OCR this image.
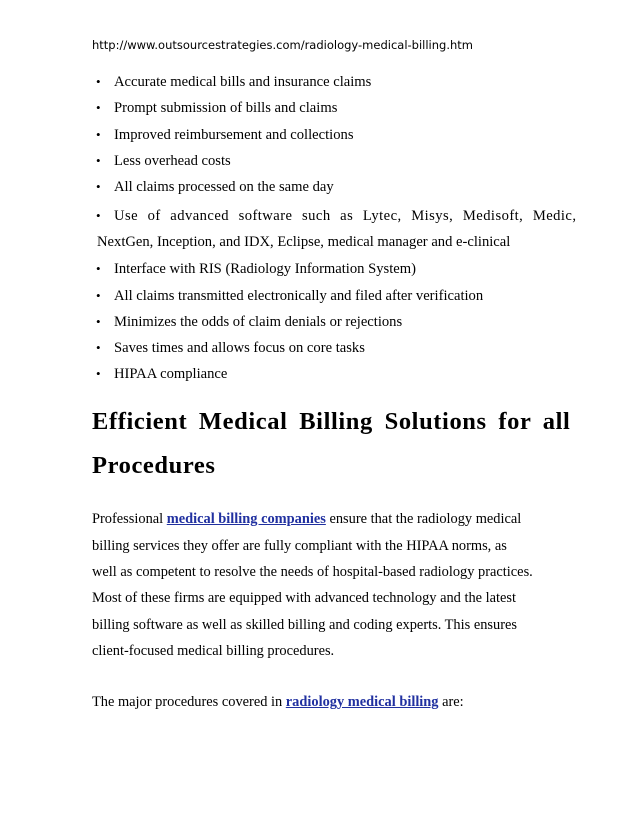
http://www.outsourcestrategies.com/radiology-medical-billing.htm
• Accurate medical bills and insurance claims
• Prompt submission of bills and claims
• Improved reimbursement and collections
• Less overhead costs
• All claims processed on the same day
• Use of advanced software such as Lytec, Misys, Medisoft, Medic,
NextGen, Inception, and IDX, Eclipse, medical manager and e-clinical
• Interface with RIS (Radiology Information System)
• All claims transmitted electronically and filed after verification
• Minimizes the odds of claim denials or rejections
• Saves times and allows focus on core tasks
• HIPAA compliance
Efficient Medical Billing Solutions for all
Procedures
Professional medical billing companies ensure that the radiology medical
billing services they offer are fully compliant with the HIPAA norms, as
well as competent to resolve the needs of hospital-based radiology practices.
Most of these firms are equipped with advanced technology and the latest
billing software as well as skilled billing and coding experts. This ensures
client-focused medical billing procedures.
The major procedures covered in radiology medical billing are:
